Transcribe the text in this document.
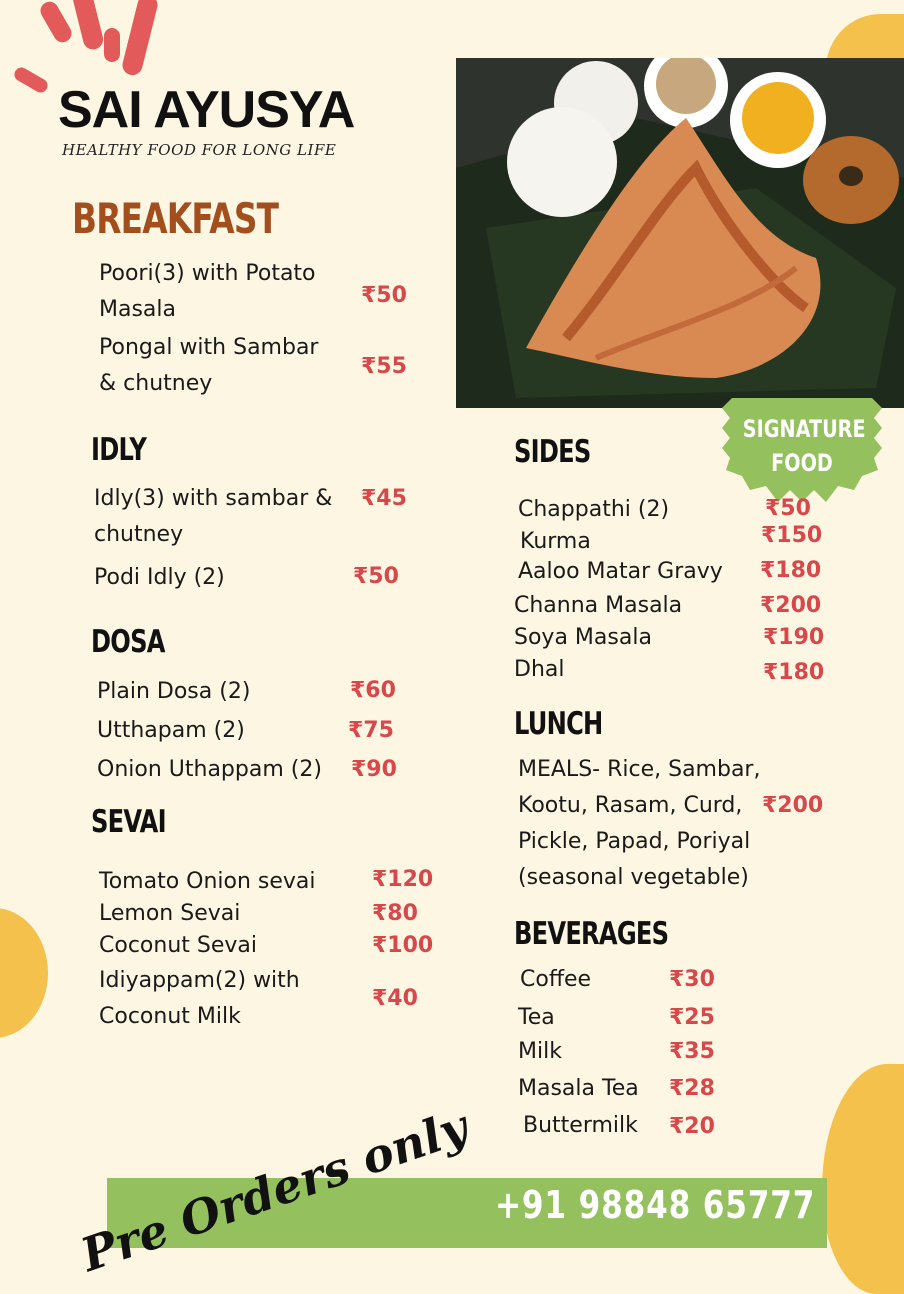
SAI AYUSYA
HEALTHY FOOD FOR LONG LIFE
SIGNATURE
FOOD
BREAKFAST
Poori(3) with Potato
Masala
₹50
Pongal with Sambar
& chutney
₹55
IDLY
Idly(3) with sambar &
chutney
₹45
Podi Idly (2)	₹50
DOSA
Plain Dosa (2)	₹60
Utthapam (2)	₹75
Onion Uthappam (2) ₹90
SEVAI
Tomato Onion sevai	₹120
Lemon Sevai	₹80
Coconut Sevai	₹100
Idiyappam(2) with
Coconut Milk
₹40
SIDES
Chappathi (2)	₹50
Kurma	₹150
Aaloo Matar Gravy ₹180
Channa Masala	₹200
Soya Masala	₹190
Dhal	₹180
LUNCH
MEALS- Rice, Sambar,
Kootu, Rasam, Curd,
Pickle, Papad, Poriyal
(seasonal vegetable)
₹200
BEVERAGES
Coffee	₹30
Tea	₹25
Milk	₹35
Masala Tea ₹28
Buttermilk ₹20
+91 98848 65777
Pre Orders only
